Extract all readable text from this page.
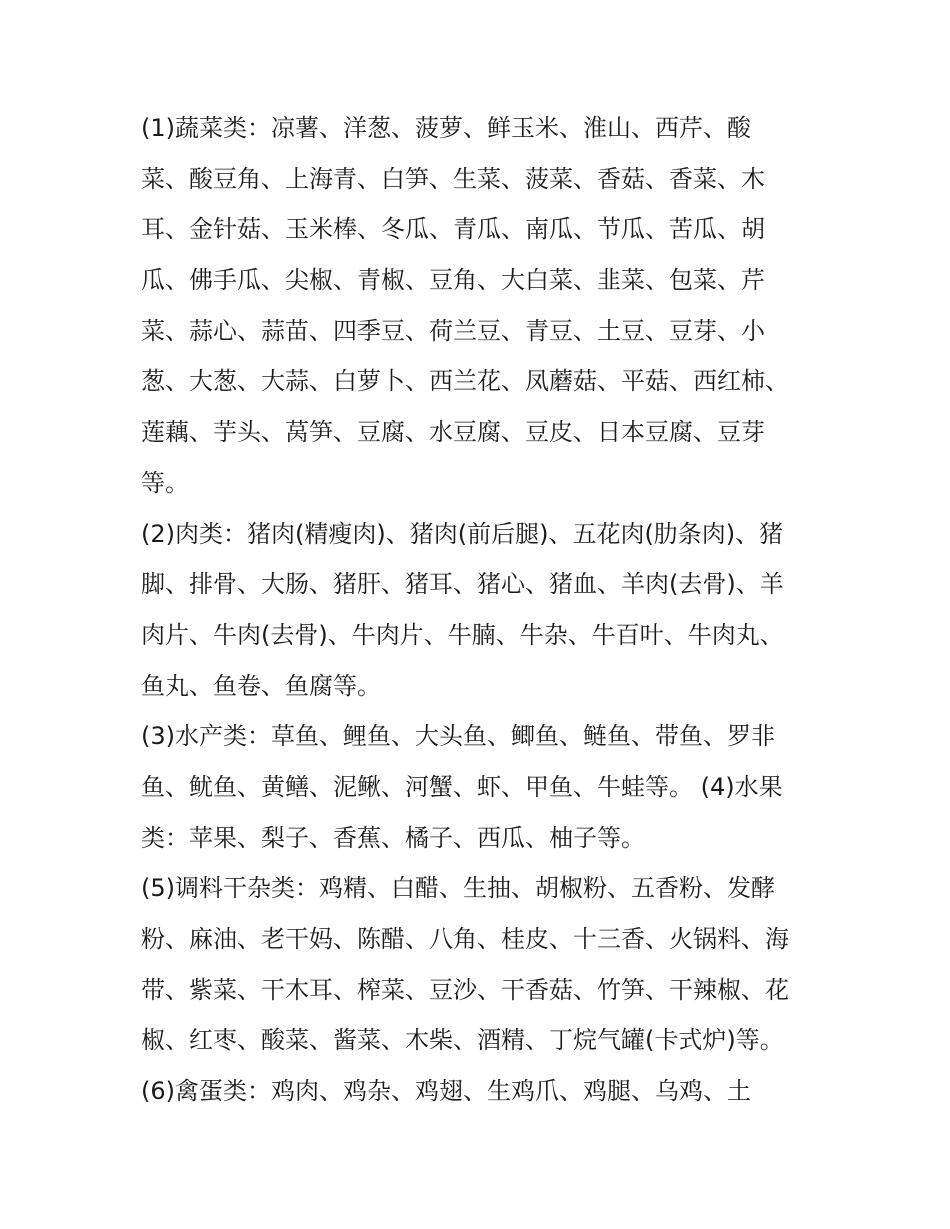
(1)蔬菜类：凉薯、洋葱、菠萝、鲜玉米、淮山、西芹、酸
菜、酸豆角、上海青、白笋、生菜、菠菜、香菇、香菜、木
耳、金针菇、玉米棒、冬瓜、青瓜、南瓜、节瓜、苦瓜、胡
瓜、佛手瓜、尖椒、青椒、豆角、大白菜、韭菜、包菜、芹
菜、蒜心、蒜苗、四季豆、荷兰豆、青豆、土豆、豆芽、小
葱、大葱、大蒜、白萝卜、西兰花、凤蘑菇、平菇、西红柿、
莲藕、芋头、莴笋、豆腐、水豆腐、豆皮、日本豆腐、豆芽
等。
(2)肉类：猪肉(精瘦肉)、猪肉(前后腿)、五花肉(肋条肉)、猪
脚、排骨、大肠、猪肝、猪耳、猪心、猪血、羊肉(去骨)、羊
肉片、牛肉(去骨)、牛肉片、牛腩、牛杂、牛百叶、牛肉丸、
鱼丸、鱼卷、鱼腐等。
(3)水产类：草鱼、鲤鱼、大头鱼、鲫鱼、鲢鱼、带鱼、罗非
鱼、鱿鱼、黄鳝、泥鳅、河蟹、虾、甲鱼、牛蛙等。 (4)水果
类：苹果、梨子、香蕉、橘子、西瓜、柚子等。
(5)调料干杂类：鸡精、白醋、生抽、胡椒粉、五香粉、发酵
粉、麻油、老干妈、陈醋、八角、桂皮、十三香、火锅料、海
带、紫菜、干木耳、榨菜、豆沙、干香菇、竹笋、干辣椒、花
椒、红枣、酸菜、酱菜、木柴、酒精、丁烷气罐(卡式炉)等。
(6)禽蛋类：鸡肉、鸡杂、鸡翅、生鸡爪、鸡腿、乌鸡、土
